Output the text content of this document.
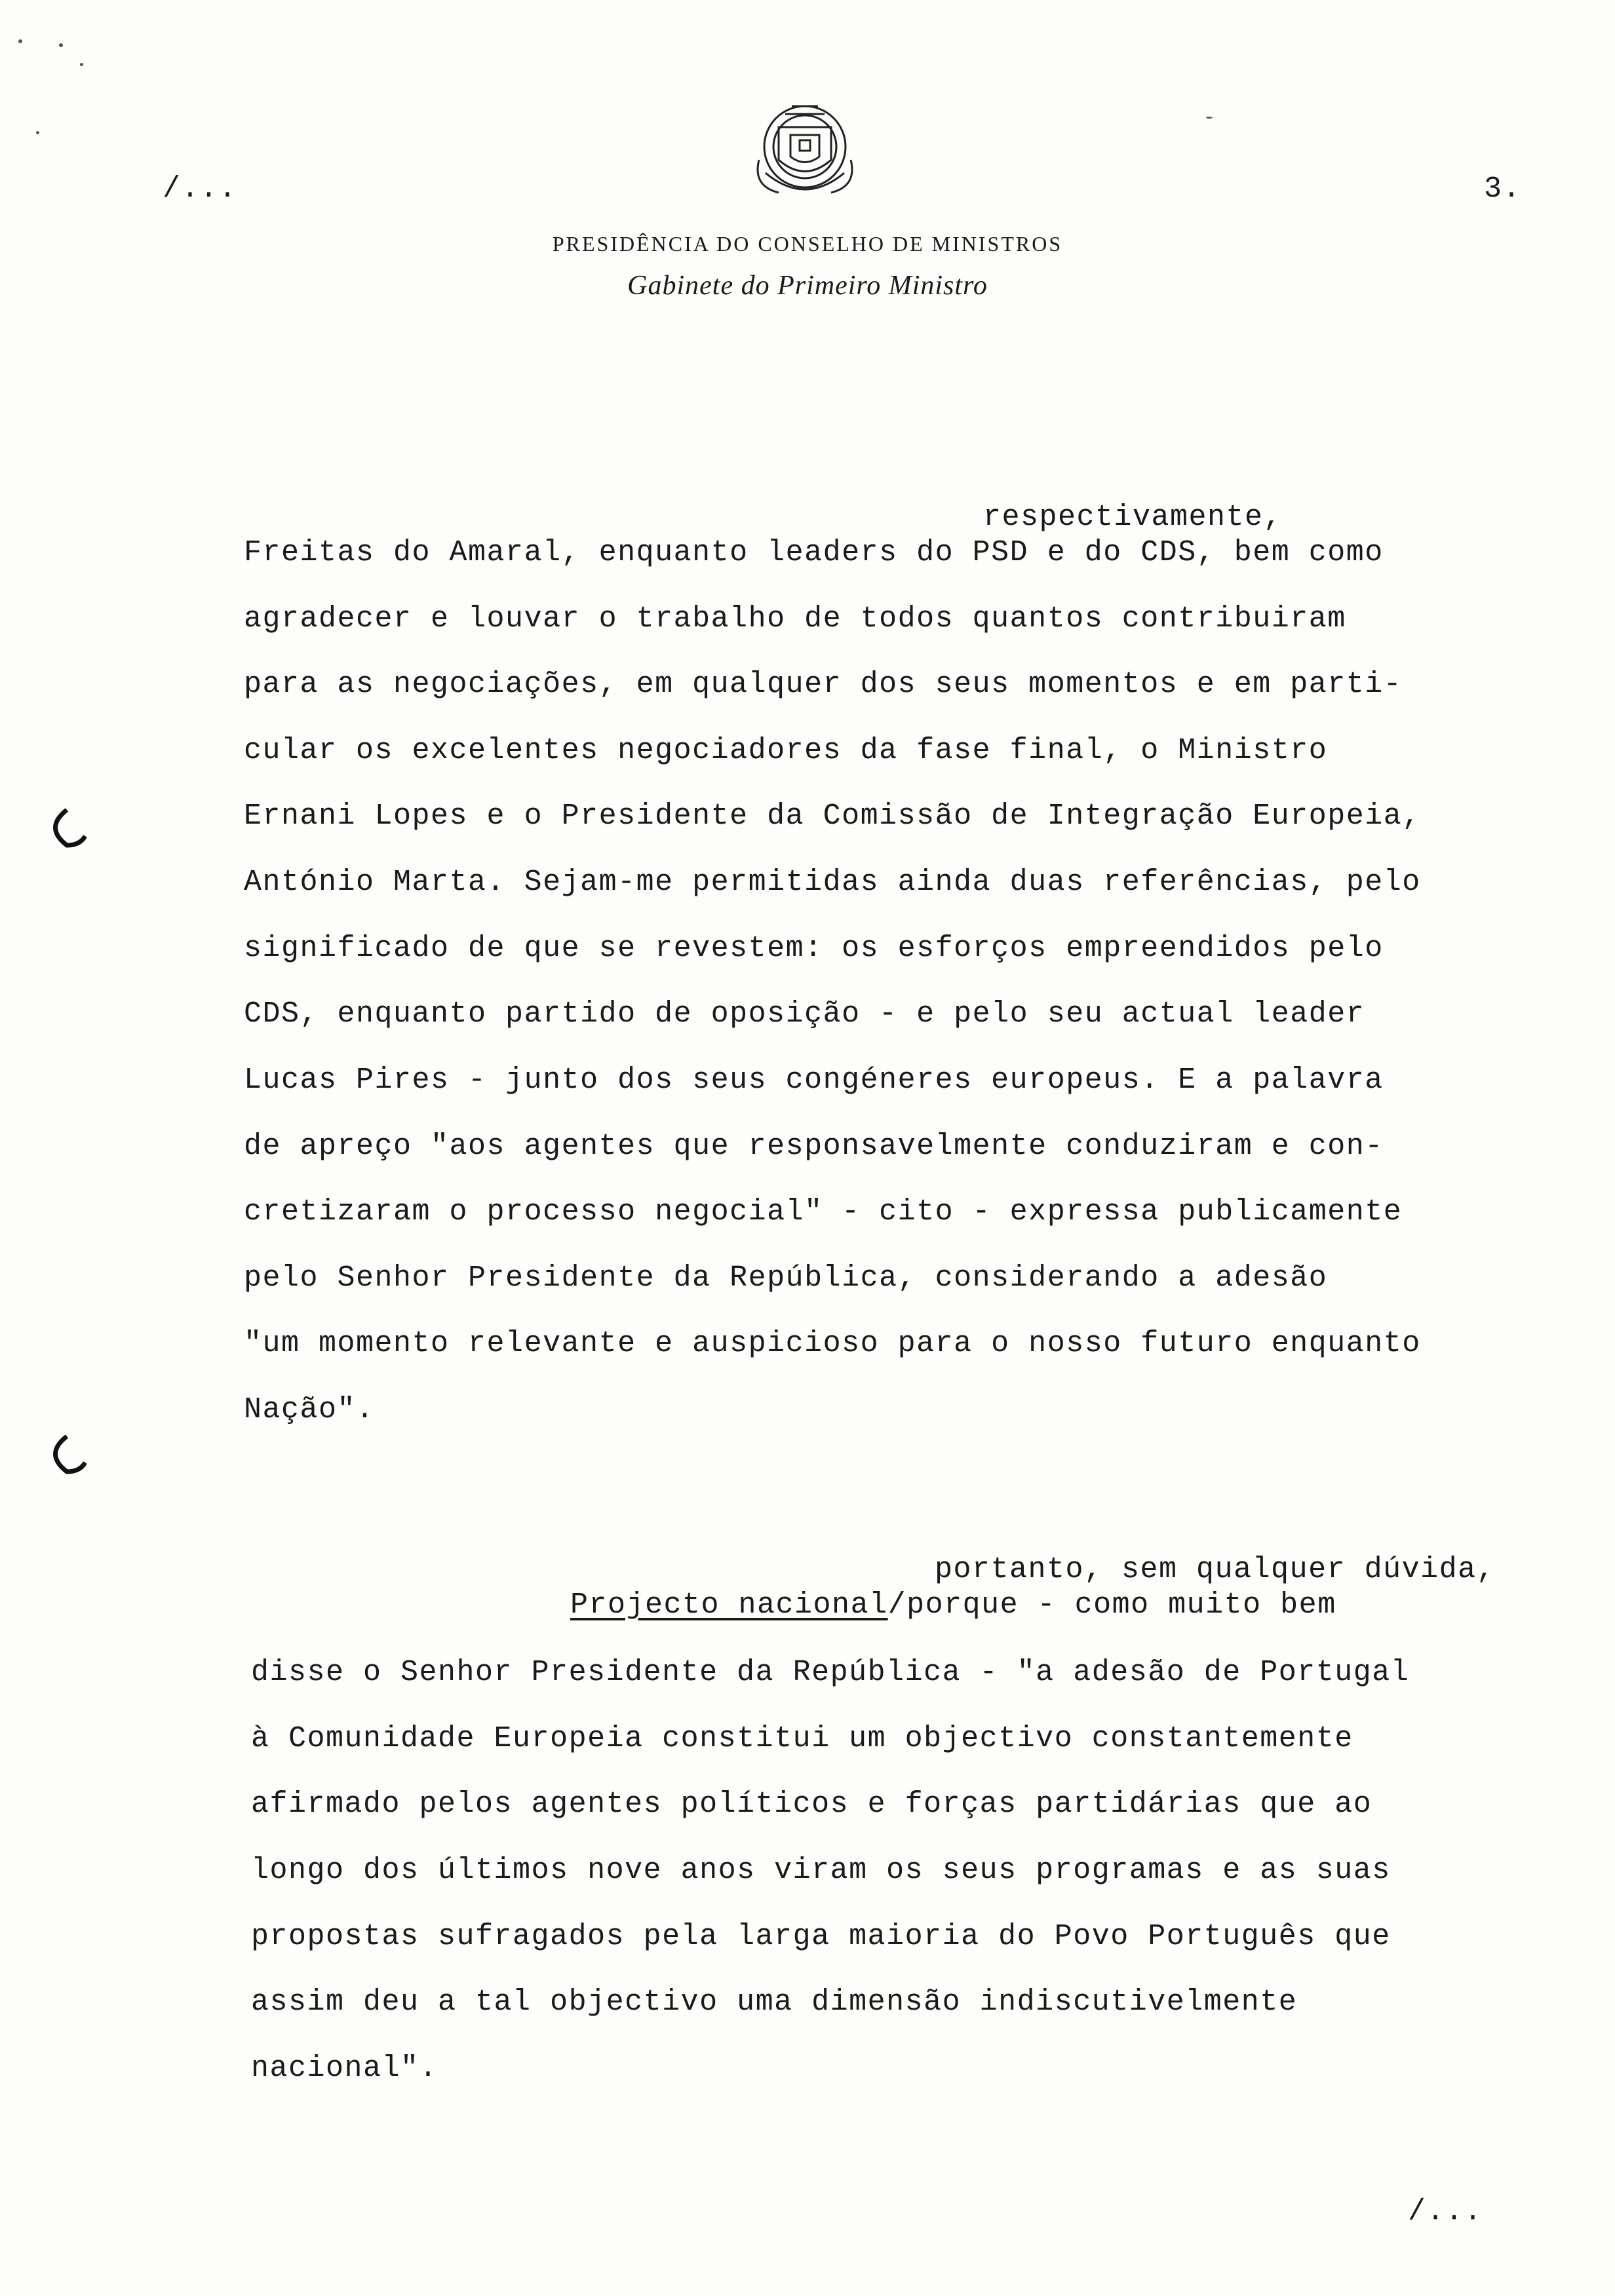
/...	3.
PRESIDÊNCIA DO CONSELHO DE MINISTROS
Gabinete do Primeiro Ministro
respectivamente,
Freitas do Amaral, enquanto leaders do PSD e do CDS, bem como
agradecer e louvar o trabalho de todos quantos contribuiram
para as negociações, em qualquer dos seus momentos e em parti-
cular os excelentes negociadores da fase final, o Ministro
Ernani Lopes e o Presidente da Comissão de Integração Europeia,
António Marta. Sejam-me permitidas ainda duas referências, pelo
significado de que se revestem: os esforços empreendidos pelo
CDS, enquanto partido de oposição - e pelo seu actual leader
Lucas Pires - junto dos seus congéneres europeus. E a palavra
de apreço "aos agentes que responsavelmente conduziram e con-
cretizaram o processo negocial" - cito - expressa publicamente
pelo Senhor Presidente da República, considerando a adesão
"um momento relevante e auspicioso para o nosso futuro enquanto
Nação".
portanto, sem qualquer dúvida,
Projecto nacional/porque - como muito bem
disse o Senhor Presidente da República - "a adesão de Portugal
à Comunidade Europeia constitui um objectivo constantemente
afirmado pelos agentes políticos e forças partidárias que ao
longo dos últimos nove anos viram os seus programas e as suas
propostas sufragados pela larga maioria do Povo Português que
assim deu a tal objectivo uma dimensão indiscutivelmente
nacional".
/...
